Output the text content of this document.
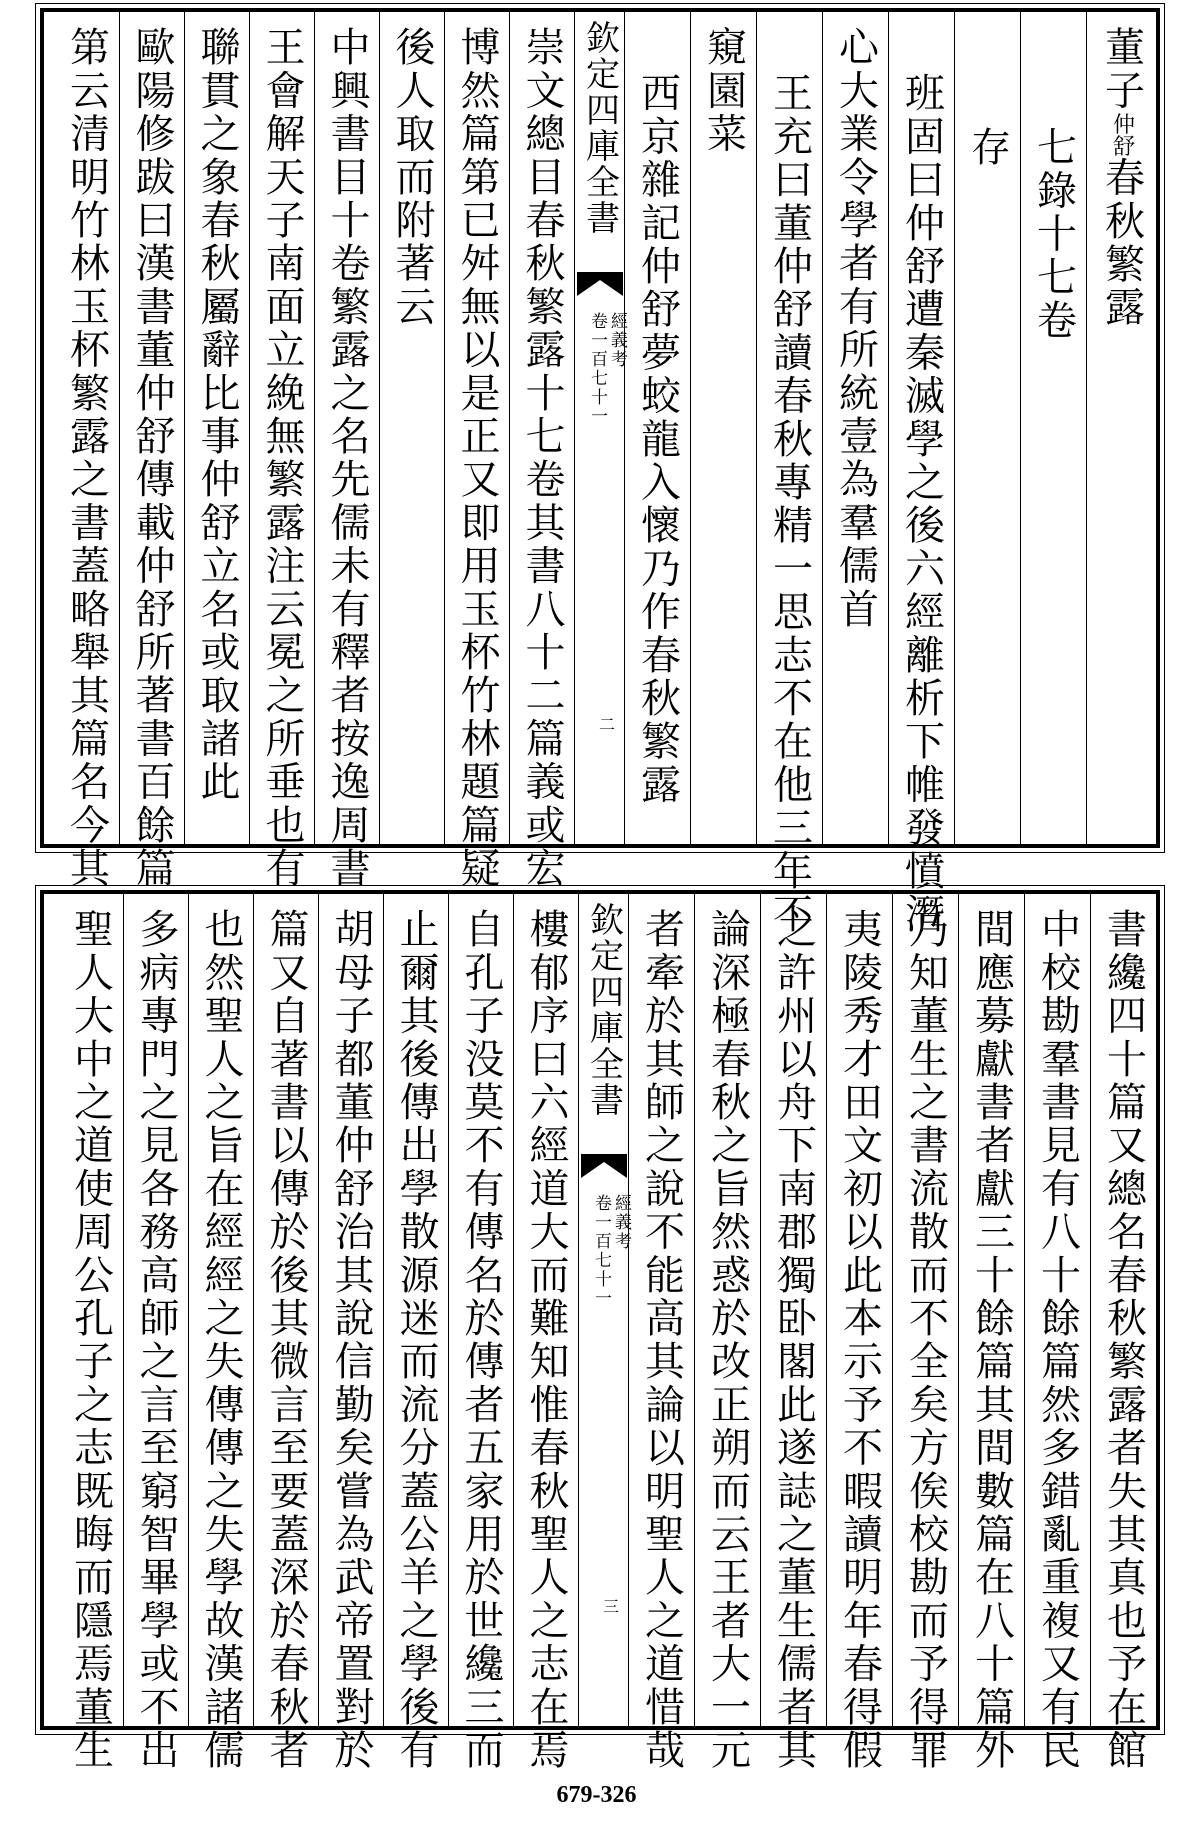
董子仲舒春秋繁露
七錄十七卷
存
班固曰仲舒遭秦滅學之後六經離析下帷發憤潛
心大業令學者有所統壹為羣儒首
王充曰董仲舒讀春秋專精一思志不在他三年不
窺園菜
西京雜記仲舒夢蛟龍入懷乃作春秋繁露
欽定四庫全書
經義考
卷一百七十一
二
崇文總目春秋繁露十七卷其書八十二篇義或宏
博然篇第已舛無以是正又即用玉杯竹林題篇疑
後人取而附著云
中興書目十卷繁露之名先儒未有釋者按逸周書
王會解天子南面立絻無繁露注云冕之所垂也有
聯貫之象春秋屬辭比事仲舒立名或取諸此
歐陽修跋曰漢書董仲舒傳載仲舒所著書百餘篇
第云清明竹林玉杯繁露之書蓋略舉其篇名今其
書纔四十篇又總名春秋繁露者失其真也予在館
中校勘羣書見有八十餘篇然多錯亂重複又有民
間應募獻書者獻三十餘篇其間數篇在八十篇外
乃知董生之書流散而不全矣方俟校勘而予得罪
夷陵秀才田文初以此本示予不暇讀明年春得假
之許州以舟下南郡獨卧閣此遂誌之董生儒者其
論深極春秋之旨然惑於改正朔而云王者大一元
者牽於其師之說不能高其論以明聖人之道惜哉
欽定四庫全書
經義考
卷一百七十一
三
樓郁序曰六經道大而難知惟春秋聖人之志在焉
自孔子没莫不有傳名於傳者五家用於世纔三而
止爾其後傳出學散源迷而流分蓋公羊之學後有
胡母子都董仲舒治其說信勤矣嘗為武帝置對於
篇又自著書以傳於後其微言至要蓋深於春秋者
也然聖人之旨在經經之失傳傳之失學故漢諸儒
多病專門之見各務高師之言至窮智畢學或不出
聖人大中之道使周公孔子之志既晦而隱焉董生
679-326
